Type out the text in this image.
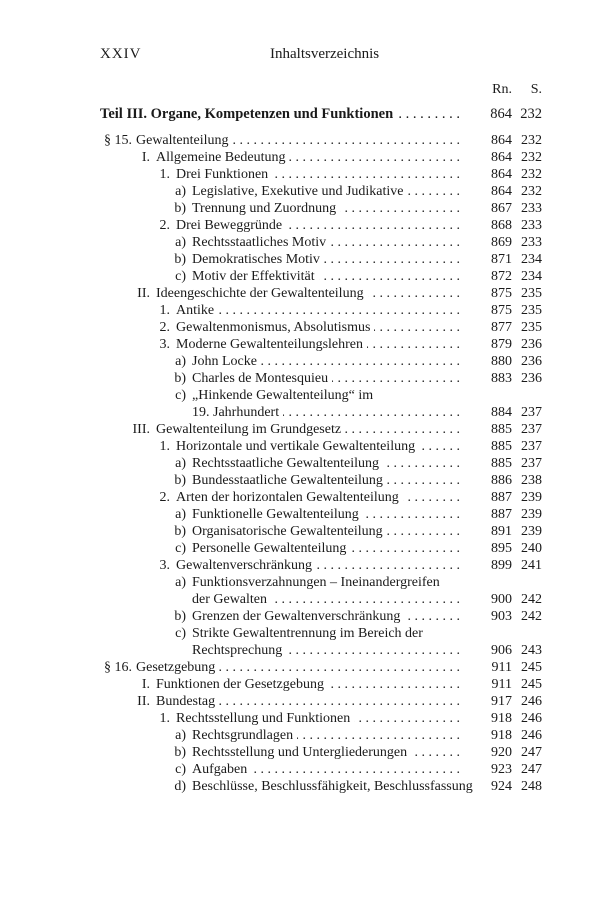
XXIV	Inhaltsverzeichnis
Rn.	S.
Teil III. Organe, Kompetenzen und Funktionen . . .	864 232
§ 15. Gewaltenteilung . . .	864 232
I. Allgemeine Bedeutung . . .	864 232
1. Drei Funktionen . . .	864 232
a) Legislative, Exekutive und Judikative . . .	864 232
b) Trennung und Zuordnung . . .	867 233
2. Drei Beweggründe . . .	868 233
a) Rechtsstaatliches Motiv . . .	869 233
b) Demokratisches Motiv . . .	871 234
c) Motiv der Effektivität . . .	872 234
II. Ideengeschichte der Gewaltenteilung . . .	875 235
1. Antike . . .	875 235
2. Gewaltenmonismus, Absolutismus . . .	877 235
3. Moderne Gewaltenteilungslehren . . .	879 236
a) John Locke . . .	880 236
b) Charles de Montesquieu . . .	883 236
c) „Hinkende Gewaltenteilung“ im
19. Jahrhundert . . .	884 237
III. Gewaltenteilung im Grundgesetz . . .	885 237
1. Horizontale und vertikale Gewaltenteilung . . .	885 237
a) Rechtsstaatliche Gewaltenteilung . . .	885 237
b) Bundesstaatliche Gewaltenteilung . . .	886 238
2. Arten der horizontalen Gewaltenteilung . . .	887 239
a) Funktionelle Gewaltenteilung . . .	887 239
b) Organisatorische Gewaltenteilung . . .	891 239
c) Personelle Gewaltenteilung . . .	895 240
3. Gewaltenverschränkung . . .	899 241
a) Funktionsverzahnungen – Ineinandergreifen
der Gewalten . . .	900 242
b) Grenzen der Gewaltenverschränkung . . .	903 242
c) Strikte Gewaltentrennung im Bereich der
Rechtsprechung . . .	906 243
§ 16. Gesetzgebung . . .	911 245
I. Funktionen der Gesetzgebung . . .	911 245
II. Bundestag . . .	917 246
1. Rechtsstellung und Funktionen . . .	918 246
a) Rechtsgrundlagen . . .	918 246
b) Rechtsstellung und Untergliederungen . . .	920 247
c) Aufgaben . . .	923 247
d) Beschlüsse, Beschlussfähigkeit, Beschlussfassung	924 248
